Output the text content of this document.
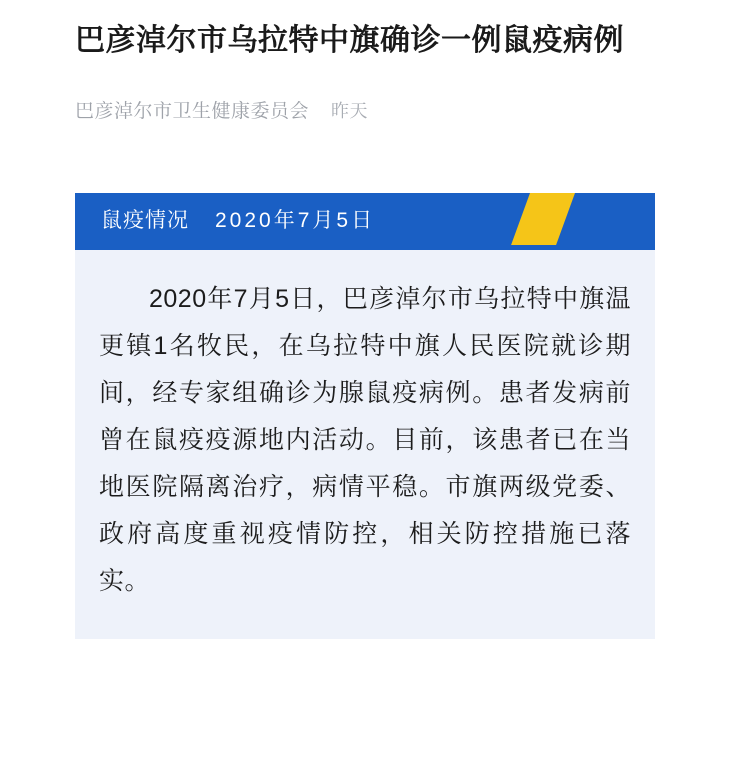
巴彦淖尔市乌拉特中旗确诊一例鼠疫病例
巴彦淖尔市卫生健康委员会 昨天
鼠疫情况 2020年7月5日

2020年7月5日，巴彦淖尔市乌拉特中旗温更镇1名牧民，在乌拉特中旗人民医院就诊期间，经专家组确诊为腺鼠疫病例。患者发病前曾在鼠疫疫源地内活动。目前，该患者已在当地医院隔离治疗，病情平稳。市旗两级党委、政府高度重视疫情防控，相关防控措施已落实。
